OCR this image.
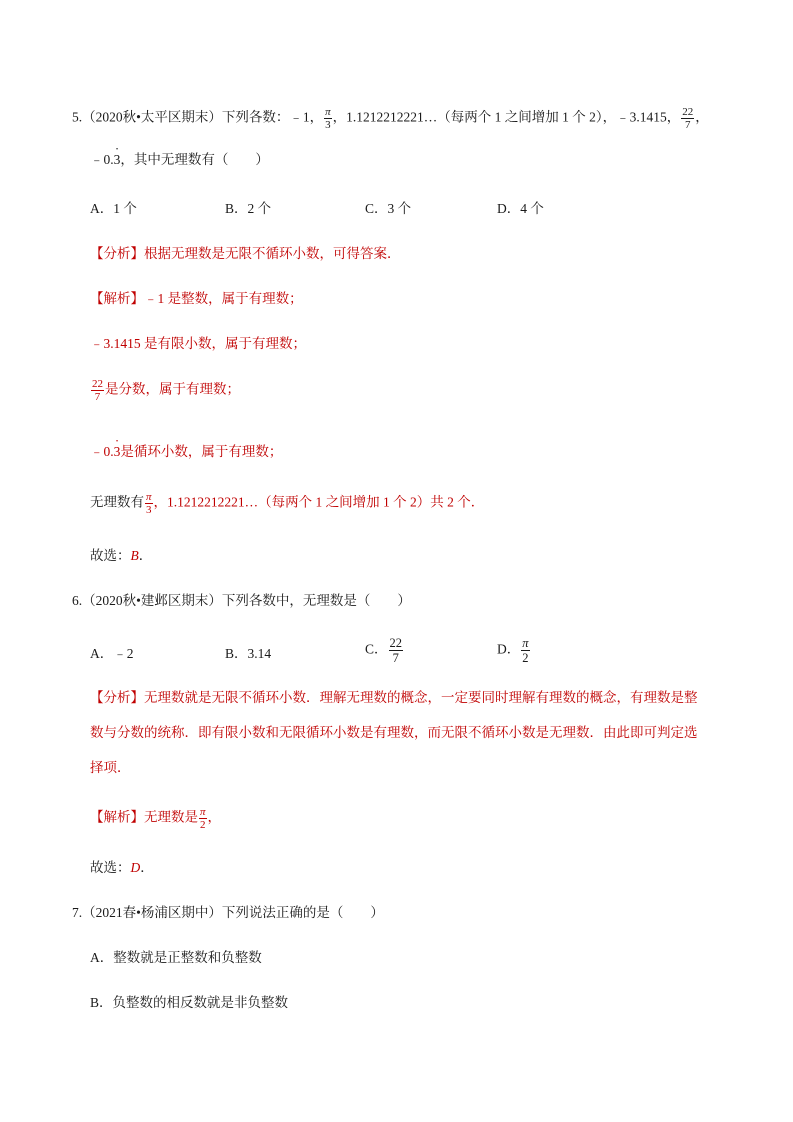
5.（2020秋•太平区期末）下列各数：﹣1， $\frac{\pi}{3}$ ，1.1212212221…（每两个 1 之间增加 1 个 2），﹣3.1415， $\frac{22}{7}$ ，
﹣0.3 ·，其中无理数有（　　）
A．1 个	B．2 个	C．3 个	D．4 个
【分析】根据无理数是无限不循环小数，可得答案．
【解析】﹣1 是整数，属于有理数；
﹣3.1415 是有限小数，属于有理数；
$\frac{22}{7}$ 是分数，属于有理数；
﹣0.3 ·是循环小数，属于有理数；
无理数有 $\frac{\pi}{3}$ ，1.1212212221…（每两个 1 之间增加 1 个 2）共 2 个．
故选：B．
6.（2020秋•建邺区期末）下列各数中，无理数是（　　）
A．﹣2	B．3.14	C． $\frac{22}{7}$	D． $\frac{\pi}{2}$
【分析】无理数就是无限不循环小数．理解无理数的概念，一定要同时理解有理数的概念，有理数是整
数与分数的统称．即有限小数和无限循环小数是有理数，而无限不循环小数是无理数．由此即可判定选
择项．
【解析】无理数是 $\frac{\pi}{2}$ ，
故选：D．
7.（2021春•杨浦区期中）下列说法正确的是（　　）
A．整数就是正整数和负整数
B．负整数的相反数就是非负整数
